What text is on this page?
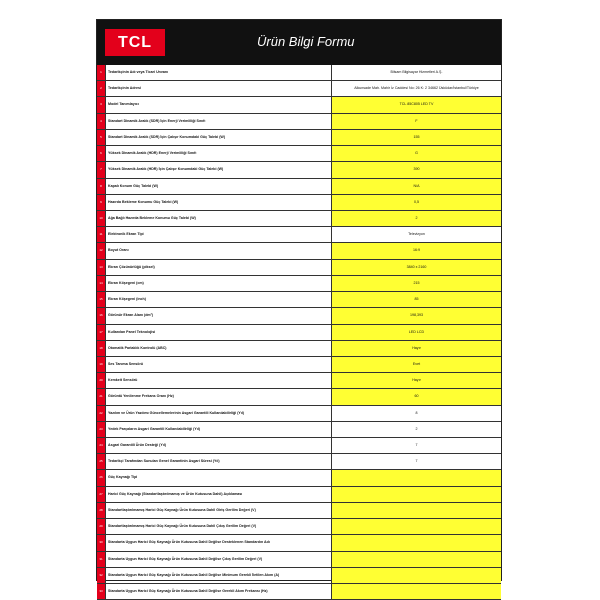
TCL	Ürün Bilgi Formu
1	Tedarikçinin Adı veya Ticari Unvanı	Bilsam Bilgisayar Hizmetleri A.Ş.
2	Tedarikçinin Adresi	Alkunsade Mah. Mahir İz Caddesi No: 26 K: 2 34662 Üsküdar/İstanbul/Türkiye
3	Model Tanımlayıcı	TCL 85C805 LED TV
4	Standart Dinamik Aralık (SDR) İçin Enerji Verimliliği Sınıfı	F
5	Standart Dinamik Aralık (SDR) İçin Çalışır Konumdaki Güç Talebi (W)	155
6	Yüksek Dinamik Aralık (HDR) Enerji Verimliliği Sınıfı	G
7	Yüksek Dinamik Aralık (HDR) İçin Çalışır Konumdaki Güç Talebi (W)	390
8	Kapalı Konum Güç Talebi (W)	N/A
9	Hazırda Bekleme Konumu Güç Talebi (W)	0,5
10	Ağa Bağlı Hazırda Bekleme Konumu Güç Talebi (W)	2
11	Elektronik Ekran Tipi	Televizyon
12	Boyut Oranı	16:9
13	Ekran Çözünürlüğü (piksel)	3840 x 2160
14	Ekran Köşegeni (cm)	215
15	Ekran Köşegeni (inch)	85
16	Görünür Ekran Alanı (dm²)	198,393
17	Kullanılan Panel Teknolojisi	LED LCD
18	Otomatik Parlaklık Kontrolü (ABC)	Hayır
19	Ses Tanıma Sensörü	Evet
20	Kemkeit Sensörü	Hayır
21	Görüntü Yenilenme Frekans Oranı (Hz)	60
22	Yazılım ve Ürün Yazılımı Güncellemelerinin Asgari Garantili Kullanılabilirliği (Yıl)	8
23	Yedek Parçaların Asgari Garantili Kullanılabilirliği (Yıl)	2
24	Asgari Garantili Ürün Desteği (Yıl)	7
25	Tedarikçi Tarafından Sunulan Genel Garantinin Asgari Süresi (Yıl)	7
26	Güç Kaynağı Tipi
27	Harici Güç Kaynağı (Standartlaştırılmamış ve Ürün Kutusuna Dahil) Açıklaması
28	Standartlaştırılmamış Harici Güç Kaynağı Ürün Kutusuna Dahil Giriş Gerilim Değeri (V)
29	Standartlaştırılmamış Harici Güç Kaynağı Ürün Kutusuna Dahil Çıkış Gerilim Değeri (V)
30	Standarta Uygun Harici Güç Kaynağı Ürün Kutusuna Dahil Değilse Desteklenen Standardın Adı
31	Standarta Uygun Harici Güç Kaynağı Ürün Kutusuna Dahil Değilse Çıkış Gerilim Değeri (V)
32	Standarta Uygun Harici Güç Kaynağı Ürün Kutusuna Dahil Değilse Minimum Gerekli İletilen Akım (A)
33	Standarta Uygun Harici Güç Kaynağı Ürün Kutusuna Dahil Değilse Gerekli Akım Frekansı (Hz)
